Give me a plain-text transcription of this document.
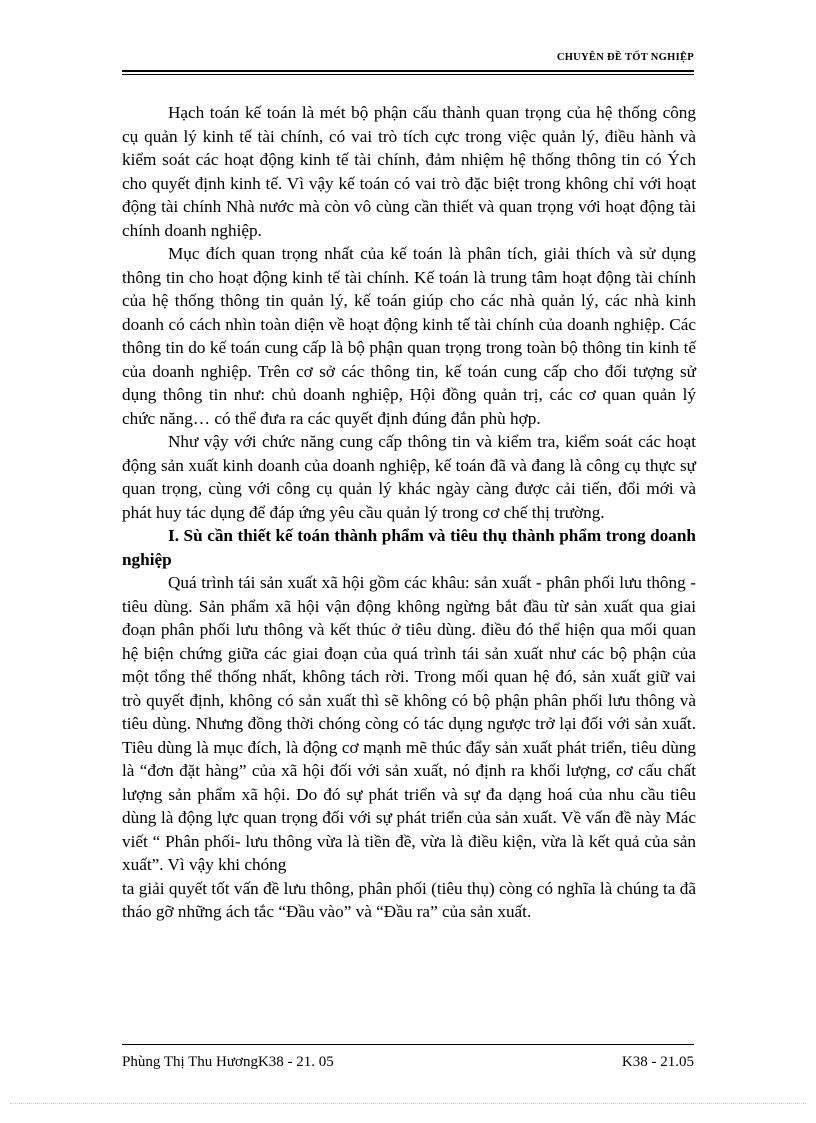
CHUYÊN ĐỀ TỐT NGHIỆP

Hạch toán kế toán là mét bộ phận cấu thành quan trọng của hệ thống công cụ quản lý kinh tế tài chính, có vai trò tích cực trong việc quản lý, điều hành và kiểm soát các hoạt động kinh tế tài chính, đảm nhiệm hệ thống thông tin có Ých cho quyết định kinh tế. Vì vậy kế toán có vai trò đặc biệt trong không chỉ với hoạt động tài chính Nhà nước mà còn vô cùng cần thiết và quan trọng với hoạt động tài chính doanh nghiệp.

Mục đích quan trọng nhất của kế toán là phân tích, giải thích và sử dụng thông tin cho hoạt động kinh tế tài chính. Kế toán là trung tâm hoạt động tài chính của hệ thống thông tin quản lý, kế toán giúp cho các nhà quản lý, các nhà kinh doanh có cách nhìn toàn diện về hoạt động kinh tế tài chính của doanh nghiệp. Các thông tin do kế toán cung cấp là bộ phận quan trọng trong toàn bộ thông tin kinh tế của doanh nghiệp. Trên cơ sở các thông tin, kế toán cung cấp cho đối tượng sử dụng thông tin như: chủ doanh nghiệp, Hội đồng quản trị, các cơ quan quản lý chức năng… có thể đưa ra các quyết định đúng đắn phù hợp.

Như vậy với chức năng cung cấp thông tin và kiểm tra, kiểm soát các hoạt động sản xuất kinh doanh của doanh nghiệp, kế toán đã và đang là công cụ thực sự quan trọng, cùng với công cụ quản lý khác ngày càng được cải tiến, đổi mới và phát huy tác dụng để đáp ứng yêu cầu quản lý trong cơ chế thị trường.

I. Sù cần thiết kế toán thành phẩm và tiêu thụ thành phẩm trong doanh nghiệp

Quá trình tái sản xuất xã hội gồm các khâu: sản xuất - phân phối lưu thông - tiêu dùng. Sản phẩm xã hội vận động không ngừng bắt đầu từ sản xuất qua giai đoạn phân phối lưu thông và kết thúc ở tiêu dùng. điều đó thể hiện qua mối quan hệ biện chứng giữa các giai đoạn của quá trình tái sản xuất như các bộ phận của một tổng thể thống nhất, không tách rời. Trong mối quan hệ đó, sản xuất giữ vai trò quyết định, không có sản xuất thì sẽ không có bộ phận phân phối lưu thông và tiêu dùng. Nhưng đồng thời chóng còng có tác dụng ngược trở lại đối với sản xuất. Tiêu dùng là mục đích, là động cơ mạnh mẽ thúc đẩy sản xuất phát triển, tiêu dùng là “đơn đặt hàng” của xã hội đối với sản xuất, nó định ra khối lượng, cơ cấu chất lượng sản phẩm xã hội. Do đó sự phát triển và sự đa dạng hoá của nhu cầu tiêu dùng là động lực quan trọng đối với sự phát triển của sản xuất. Về vấn đề này Mác viết “ Phân phối- lưu thông vừa là tiền đề, vừa là điều kiện, vừa là kết quả của sản xuất”. Vì vậy khi chóng

ta giải quyết tốt vấn đề lưu thông, phân phối (tiêu thụ) còng có nghĩa là chúng ta đã tháo gỡ những ách tắc “Đầu vào” và “Đầu ra” của sản xuất.

Phùng Thị Thu HươngK38 - 21. 05	K38 - 21.05
